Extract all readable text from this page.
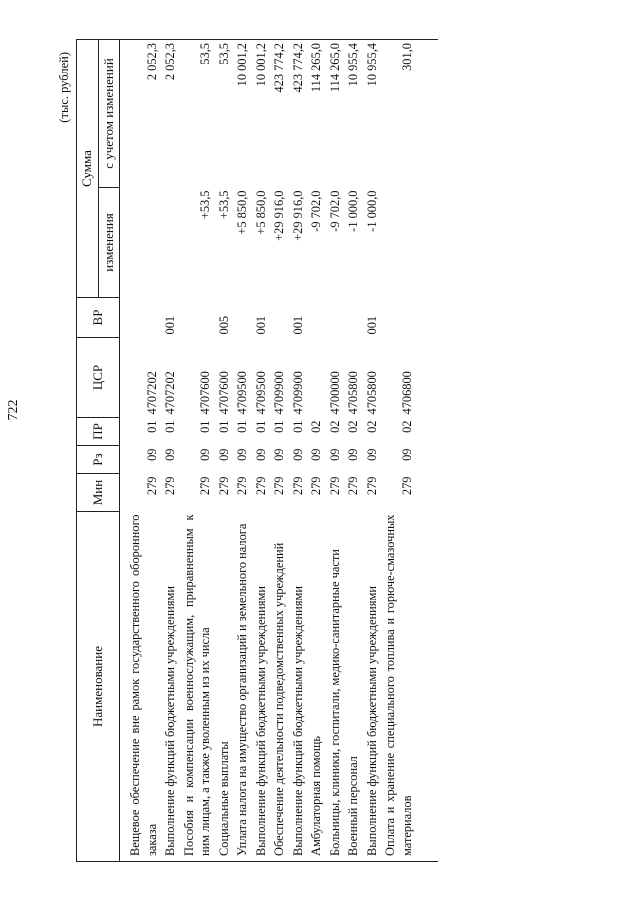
722
(тыс. рублей)
Наименование	Мин	Рз	ПР	ЦСР	ВР	Сумма	
						изменения	с учетом изменений

Вещевое обеспечение вне рамок государственного оборонного заказа	279	09	01	4707202			2 052,3
Выполнение функций бюджетными учреждениями	279	09	01	4707202	001		2 052,3
Пособия и компенсации военнослужащим, приравненным к ним лицам, а также уволенным из их числа	279	09	01	4707600		+53,5	53,5
Социальные выплаты	279	09	01	4707600	005	+53,5	53,5
Уплата налога на имущество организаций и земельного налога	279	09	01	4709500		+5 850,0	10 001,2
Выполнение функций бюджетными учреждениями	279	09	01	4709500	001	+5 850,0	10 001,2
Обеспечение деятельности подведомственных учреждений	279	09	01	4709900		+29 916,0	423 774,2
Выполнение функций бюджетными учреждениями	279	09	01	4709900	001	+29 916,0	423 774,2
Амбулаторная помощь	279	09	02			-9 702,0	114 265,0
Больницы, клиники, госпитали, медико-санитарные части	279	09	02	4700000		-9 702,0	114 265,0
Военный персонал	279	09	02	4705800		-1 000,0	10 955,4
Выполнение функций бюджетными учреждениями	279	09	02	4705800	001	-1 000,0	10 955,4
Оплата и хранение специального топлива и горюче-смазочных материалов	279	09	02	4706800			301,0
